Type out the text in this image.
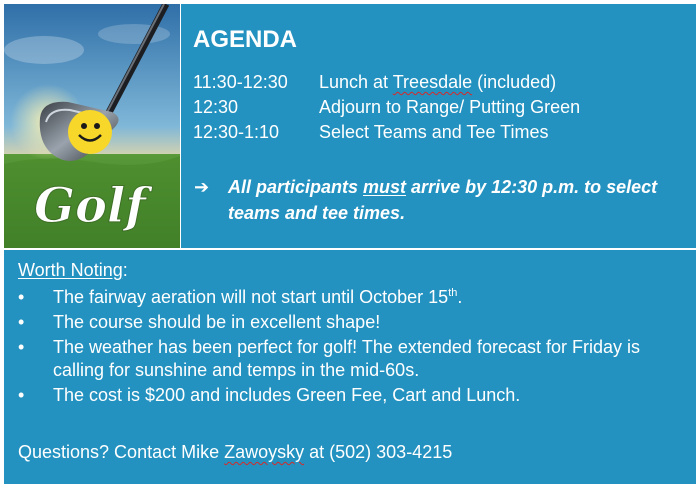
Golf
AGENDA
11:30-12:30 Lunch at Treesdale (included)
12:30	Adjourn to Range/ Putting Green
12:30-1:10 Select Teams and Tee Times
➔ All participants must arrive by 12:30 p.m. to select teams and tee times.
Worth Noting:
• The fairway aeration will not start until October 15th.
• The course should be in excellent shape!
• The weather has been perfect for golf! The extended forecast for Friday is calling for sunshine and temps in the mid-60s.
• The cost is $200 and includes Green Fee, Cart and Lunch.
Questions? Contact Mike Zawoysky at (502) 303-4215
